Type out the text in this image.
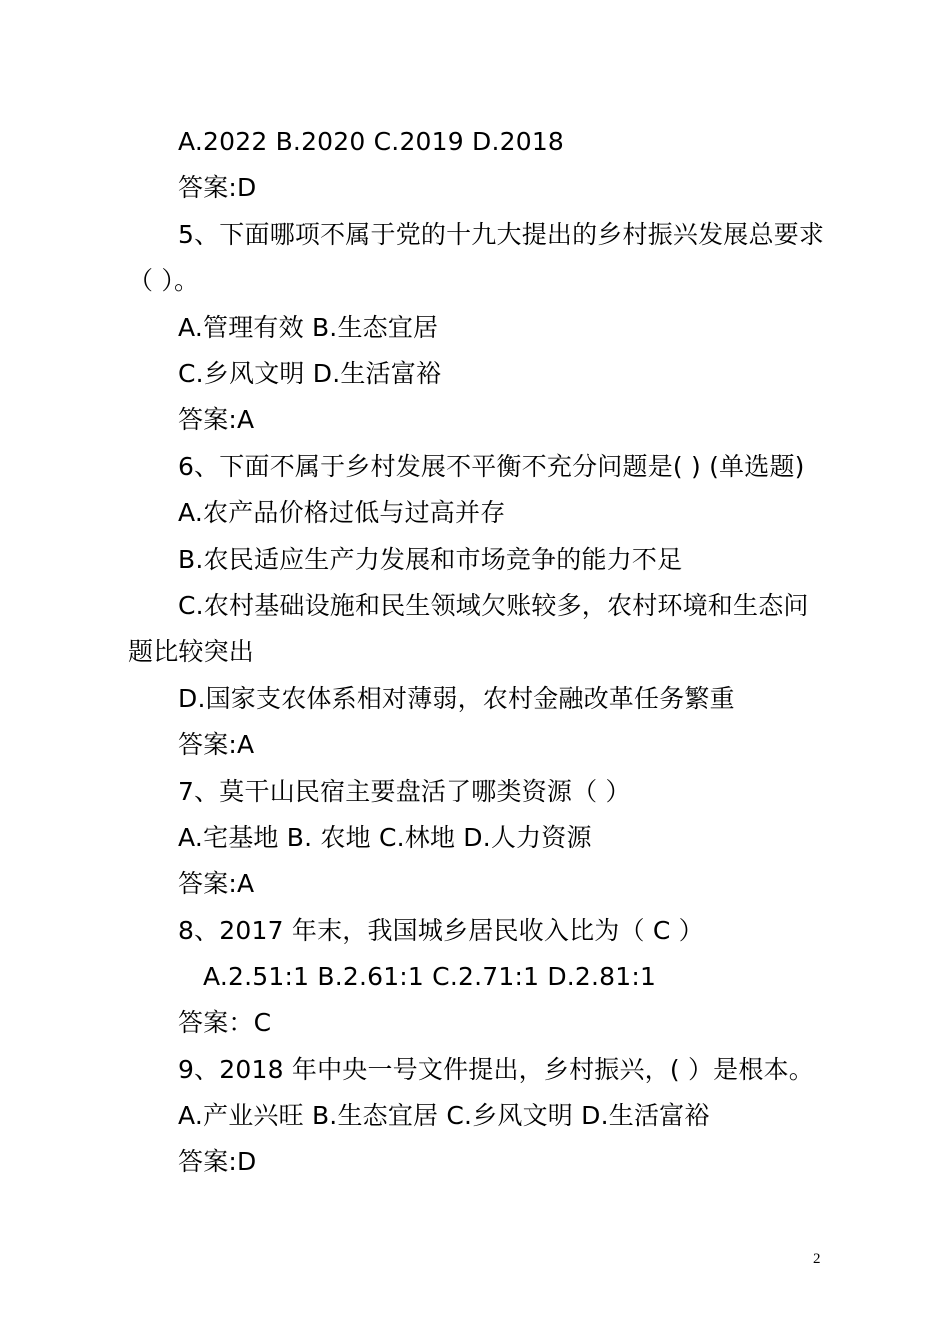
A.2022 B.2020 C.2019 D.2018
答案:D
5、下面哪项不属于党的十九大提出的乡村振兴发展总要求
（ ）。
A.管理有效 B.生态宜居
C.乡风文明 D.生活富裕
答案:A
6、下面不属于乡村发展不平衡不充分问题是( ) (单选题)
A.农产品价格过低与过高并存
B.农民适应生产力发展和市场竞争的能力不足
C.农村基础设施和民生领域欠账较多，农村环境和生态问
题比较突出
D.国家支农体系相对薄弱，农村金融改革任务繁重
答案:A
7、莫干山民宿主要盘活了哪类资源（ ）
A.宅基地 B. 农地 C.林地 D.人力资源
答案:A
8、2017 年末，我国城乡居民收入比为（ C ）
A.2.51:1 B.2.61:1 C.2.71:1 D.2.81:1
答案：C
9、2018 年中央一号文件提出，乡村振兴，( ）是根本。
A.产业兴旺 B.生态宜居 C.乡风文明 D.生活富裕
答案:D
2
